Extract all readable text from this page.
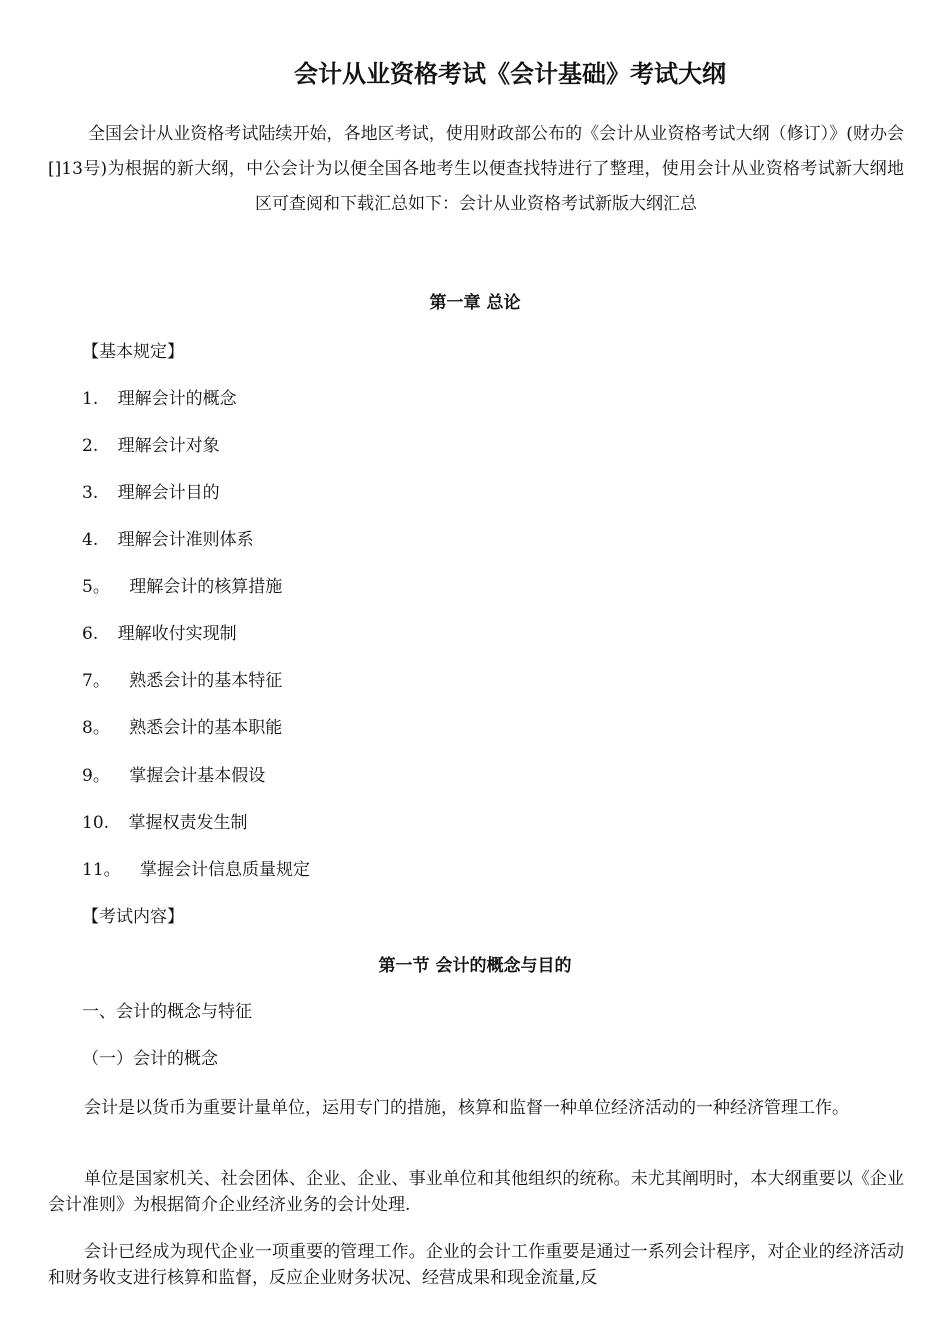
会计从业资格考试《会计基础》考试大纲
全国会计从业资格考试陆续开始，各地区考试，使用财政部公布的《会计从业资格考试大纲（修订）》(财办会[]13号)为根据的新大纲，中公会计为以便全国各地考生以便查找特进行了整理，使用会计从业资格考试新大纲地区可查阅和下载汇总如下：会计从业资格考试新版大纲汇总
第一章 总论
【基本规定】
1. 理解会计的概念
2. 理解会计对象
3. 理解会计目的
4. 理解会计准则体系
5。 理解会计的核算措施
6. 理解收付实现制
7。 熟悉会计的基本特征
8。 熟悉会计的基本职能
9。 掌握会计基本假设
10. 掌握权责发生制
11。 掌握会计信息质量规定
【考试内容】
第一节 会计的概念与目的
一、会计的概念与特征
（一）会计的概念
会计是以货币为重要计量单位，运用专门的措施，核算和监督一种单位经济活动的一种经济管理工作。
单位是国家机关、社会团体、企业、企业、事业单位和其他组织的统称。未尤其阐明时，本大纲重要以《企业会计准则》为根据简介企业经济业务的会计处理.
会计已经成为现代企业一项重要的管理工作。企业的会计工作重要是通过一系列会计程序，对企业的经济活动和财务收支进行核算和监督，反应企业财务状况、经营成果和现金流量,反
